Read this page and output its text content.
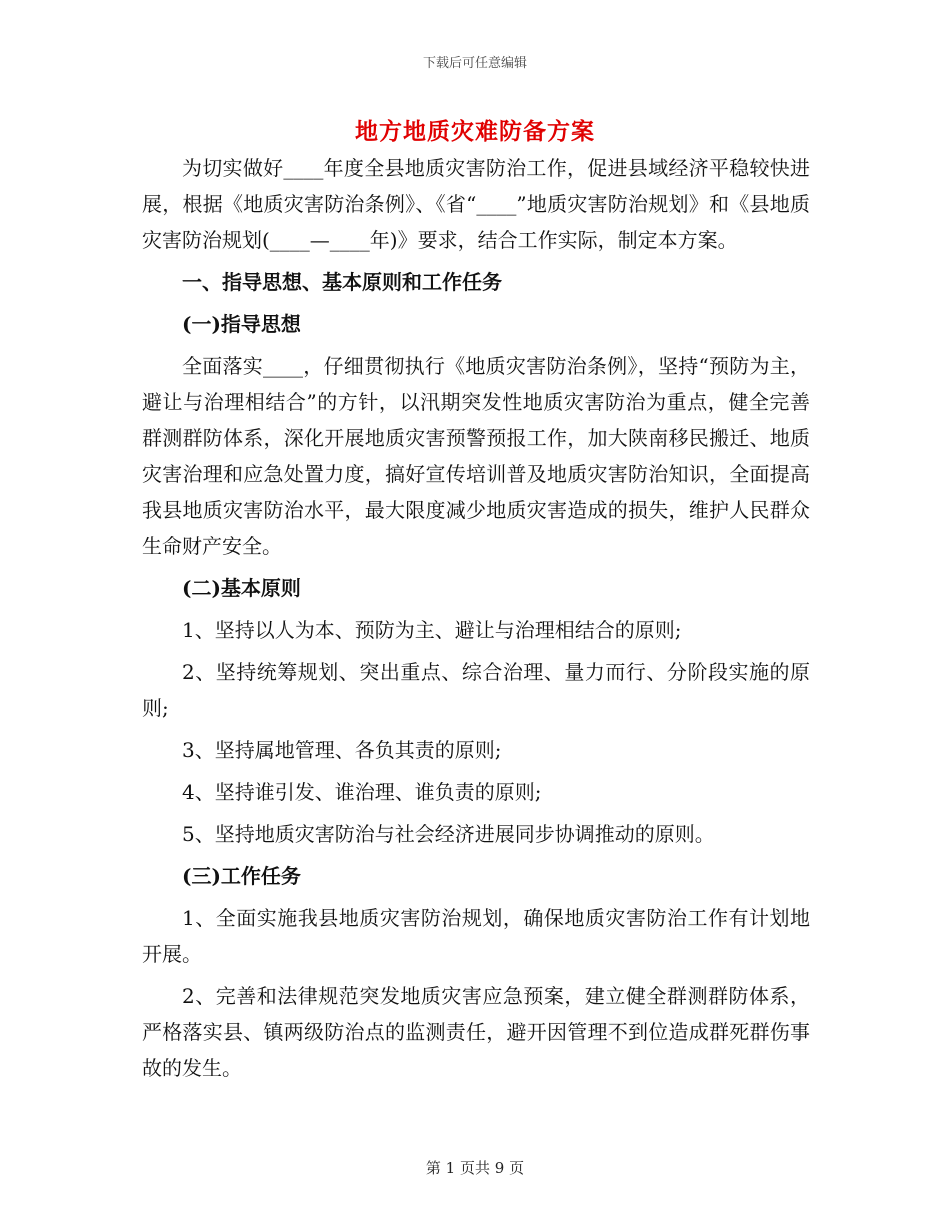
下载后可任意编辑
地方地质灾难防备方案

为切实做好____年度全县地质灾害防治工作，促进县域经济平稳较快进展，根据《地质灾害防治条例》、《省“____”地质灾害防治规划》和《县地质灾害防治规划(____—____年)》要求，结合工作实际，制定本方案。

一、指导思想、基本原则和工作任务

(一)指导思想

全面落实____，仔细贯彻执行《地质灾害防治条例》，坚持“预防为主，避让与治理相结合”的方针，以汛期突发性地质灾害防治为重点，健全完善群测群防体系，深化开展地质灾害预警预报工作，加大陕南移民搬迁、地质灾害治理和应急处置力度，搞好宣传培训普及地质灾害防治知识，全面提高我县地质灾害防治水平，最大限度减少地质灾害造成的损失，维护人民群众生命财产安全。

(二)基本原则

1、坚持以人为本、预防为主、避让与治理相结合的原则;

2、坚持统筹规划、突出重点、综合治理、量力而行、分阶段实施的原则;

3、坚持属地管理、各负其责的原则;

4、坚持谁引发、谁治理、谁负责的原则;

5、坚持地质灾害防治与社会经济进展同步协调推动的原则。

(三)工作任务

1、全面实施我县地质灾害防治规划，确保地质灾害防治工作有计划地开展。

2、完善和法律规范突发地质灾害应急预案，建立健全群测群防体系，严格落实县、镇两级防治点的监测责任，避开因管理不到位造成群死群伤事故的发生。

第 1 页共 9 页
